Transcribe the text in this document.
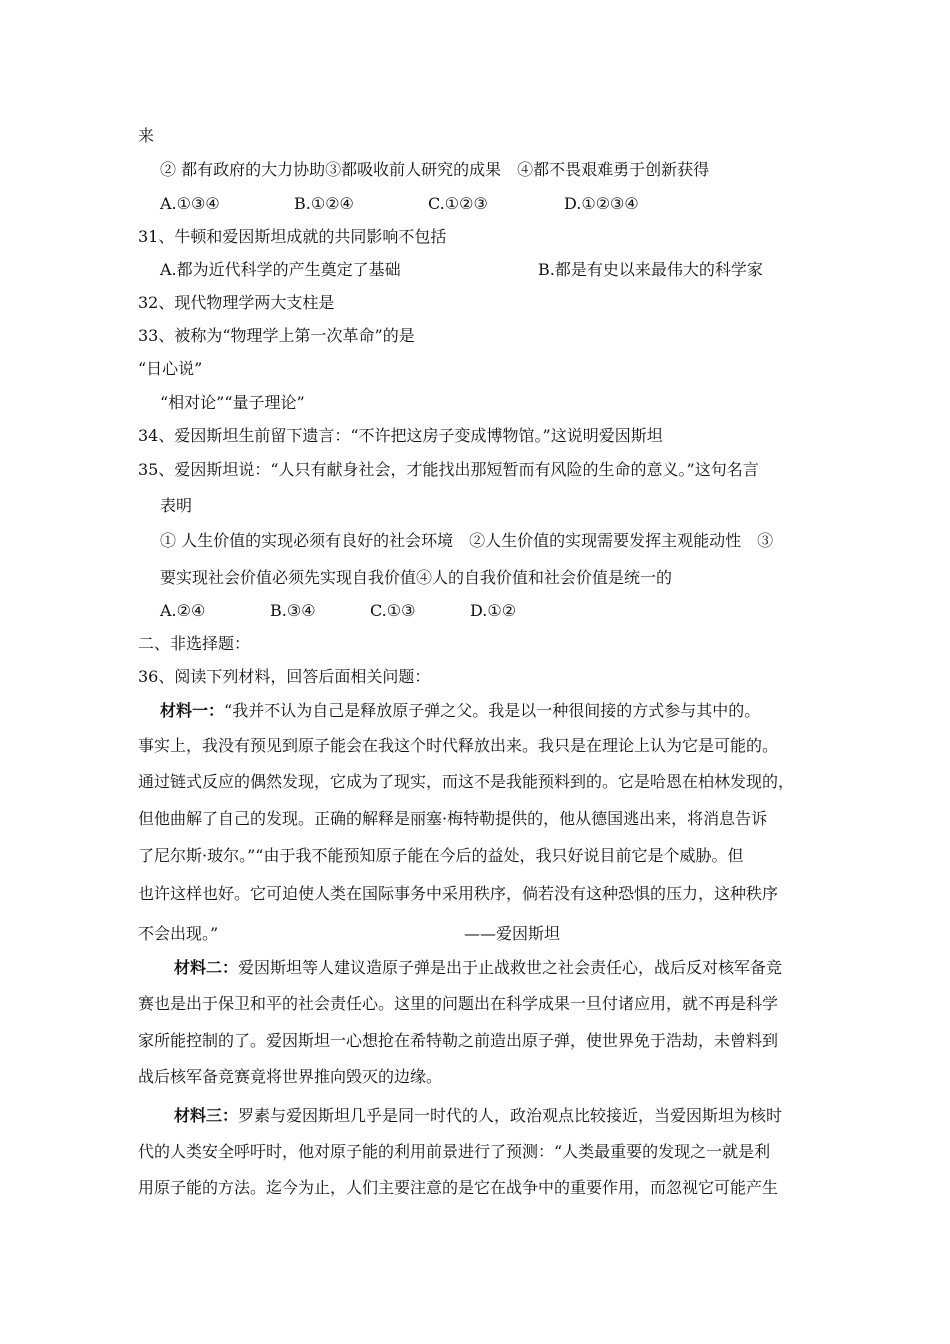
来
② 都有政府的大力协助③都吸收前人研究的成果　④都不畏艰难勇于创新获得
A.①③④	B.①②④	C.①②③	D.①②③④
31、牛顿和爱因斯坦成就的共同影响不包括
A.都为近代科学的产生奠定了基础	B.都是有史以来最伟大的科学家
32、现代物理学两大支柱是
33、被称为“物理学上第一次革命”的是
“日心说”
“相对论”“量子理论”
34、爱因斯坦生前留下遗言：“不许把这房子变成博物馆。”这说明爱因斯坦
35、爱因斯坦说：“人只有献身社会，才能找出那短暂而有风险的生命的意义。”这句名言
表明
① 人生价值的实现必须有良好的社会环境　②人生价值的实现需要发挥主观能动性　③
要实现社会价值必须先实现自我价值④人的自我价值和社会价值是统一的
A.②④	B.③④	C.①③	D.①②
二、非选择题：
36、阅读下列材料，回答后面相关问题：
材料一：“我并不认为自己是释放原子弹之父。我是以一种很间接的方式参与其中的。
事实上，我没有预见到原子能会在我这个时代释放出来。我只是在理论上认为它是可能的。
通过链式反应的偶然发现，它成为了现实，而这不是我能预料到的。它是哈恩在柏林发现的，
但他曲解了自己的发现。正确的解释是丽塞·梅特勒提供的，他从德国逃出来，将消息告诉
了尼尔斯·玻尔。”“由于我不能预知原子能在今后的益处，我只好说目前它是个威胁。但
也许这样也好。它可迫使人类在国际事务中采用秩序，倘若没有这种恐惧的压力，这种秩序
不会出现。”	——爱因斯坦
材料二：爱因斯坦等人建议造原子弹是出于止战救世之社会责任心，战后反对核军备竞
赛也是出于保卫和平的社会责任心。这里的问题出在科学成果一旦付诸应用，就不再是科学
家所能控制的了。爱因斯坦一心想抢在希特勒之前造出原子弹，使世界免于浩劫，未曾料到
战后核军备竞赛竟将世界推向毁灭的边缘。
材料三：罗素与爱因斯坦几乎是同一时代的人，政治观点比较接近，当爱因斯坦为核时
代的人类安全呼吁时，他对原子能的利用前景进行了预测：“人类最重要的发现之一就是利
用原子能的方法。迄今为止，人们主要注意的是它在战争中的重要作用，而忽视它可能产生
